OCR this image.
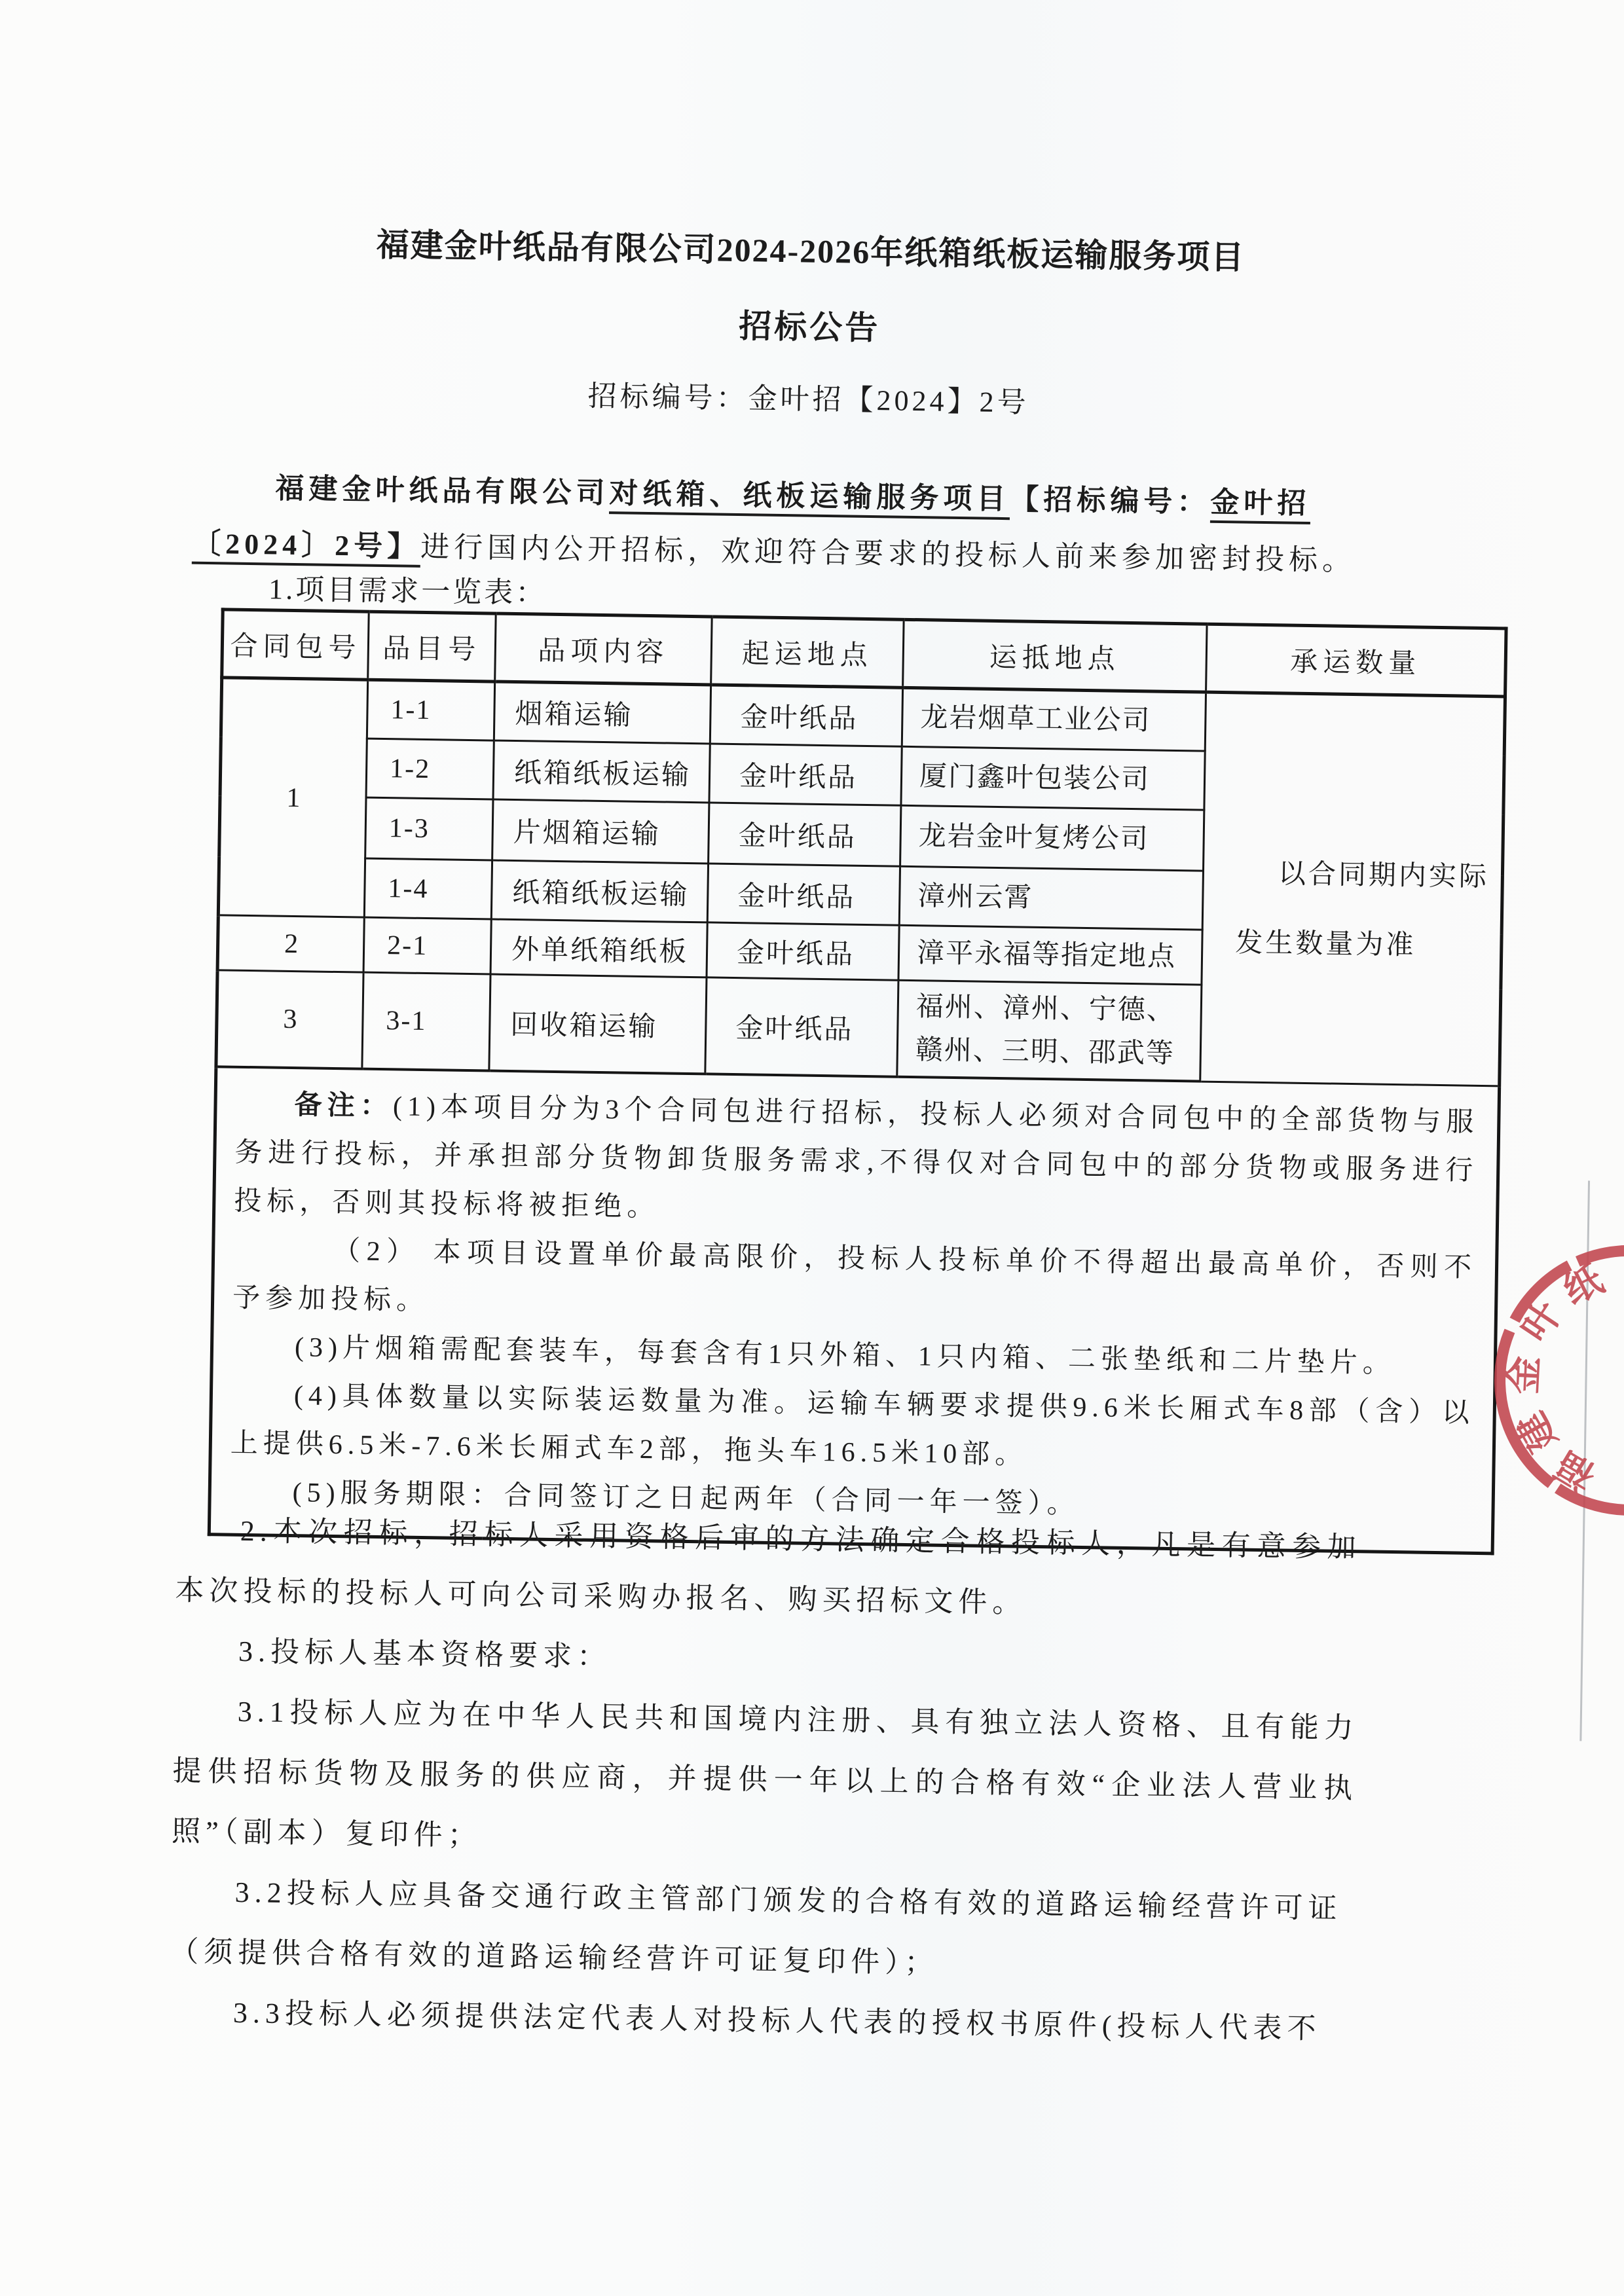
福建金叶纸品有限公司2024-2026年纸箱纸板运输服务项目
招标公告
招标编号：金叶招【2024】2号
福建金叶纸品有限公司对纸箱、纸板运输服务项目【招标编号：金叶招
〔2024〕2号】进行国内公开招标，欢迎符合要求的投标人前来参加密封投标。
1.项目需求一览表：
合同包号	品目号	品项内容	起运地点	运抵地点	承运数量
1	1-1	烟箱运输	金叶纸品	龙岩烟草工业公司	以合同期内实际
发生数量为准

	1-2	纸箱纸板运输	金叶纸品	厦门鑫叶包装公司	
	1-3	片烟箱运输	金叶纸品	龙岩金叶复烤公司	
	1-4	纸箱纸板运输	金叶纸品	漳州云霄	
2	2-1	外单纸箱纸板	金叶纸品	漳平永福等指定地点	
3	3-1	回收箱运输	金叶纸品	福州、漳州、宁德、赣州、三明、邵武等	

备注：(1)本项目分为3个合同包进行招标，投标人必须对合同包中的全部货物与服务进行投标，并承担部分货物卸货服务需求,不得仅对合同包中的部分货物或服务进行投标，否则其投标将被拒绝。

（2） 本项目设置单价最高限价，投标人投标单价不得超出最高单价，否则不予参加投标。

(3)片烟箱需配套装车，每套含有1只外箱、1只内箱、二张垫纸和二片垫片。

(4)具体数量以实际装运数量为准。运输车辆要求提供9.6米长厢式车8部（含）以上提供6.5米-7.6米长厢式车2部，拖头车16.5米10部。

(5)服务期限：合同签订之日起两年（合同一年一签）。					

2.本次招标，招标人采用资格后审的方法确定合格投标人，凡是有意参加本次投标的投标人可向公司采购办报名、购买招标文件。

3.投标人基本资格要求：

3.1投标人应为在中华人民共和国境内注册、具有独立法人资格、且有能力提供招标货物及服务的供应商，并提供一年以上的合格有效“企业法人营业执照”（副本）复印件；

3.2投标人应具备交通行政主管部门颁发的合格有效的道路运输经营许可证
（须提供合格有效的道路运输经营许可证复印件）；

3.3投标人必须提供法定代表人对投标人代表的授权书原件(投标人代表不

福
建
金
叶
纸
